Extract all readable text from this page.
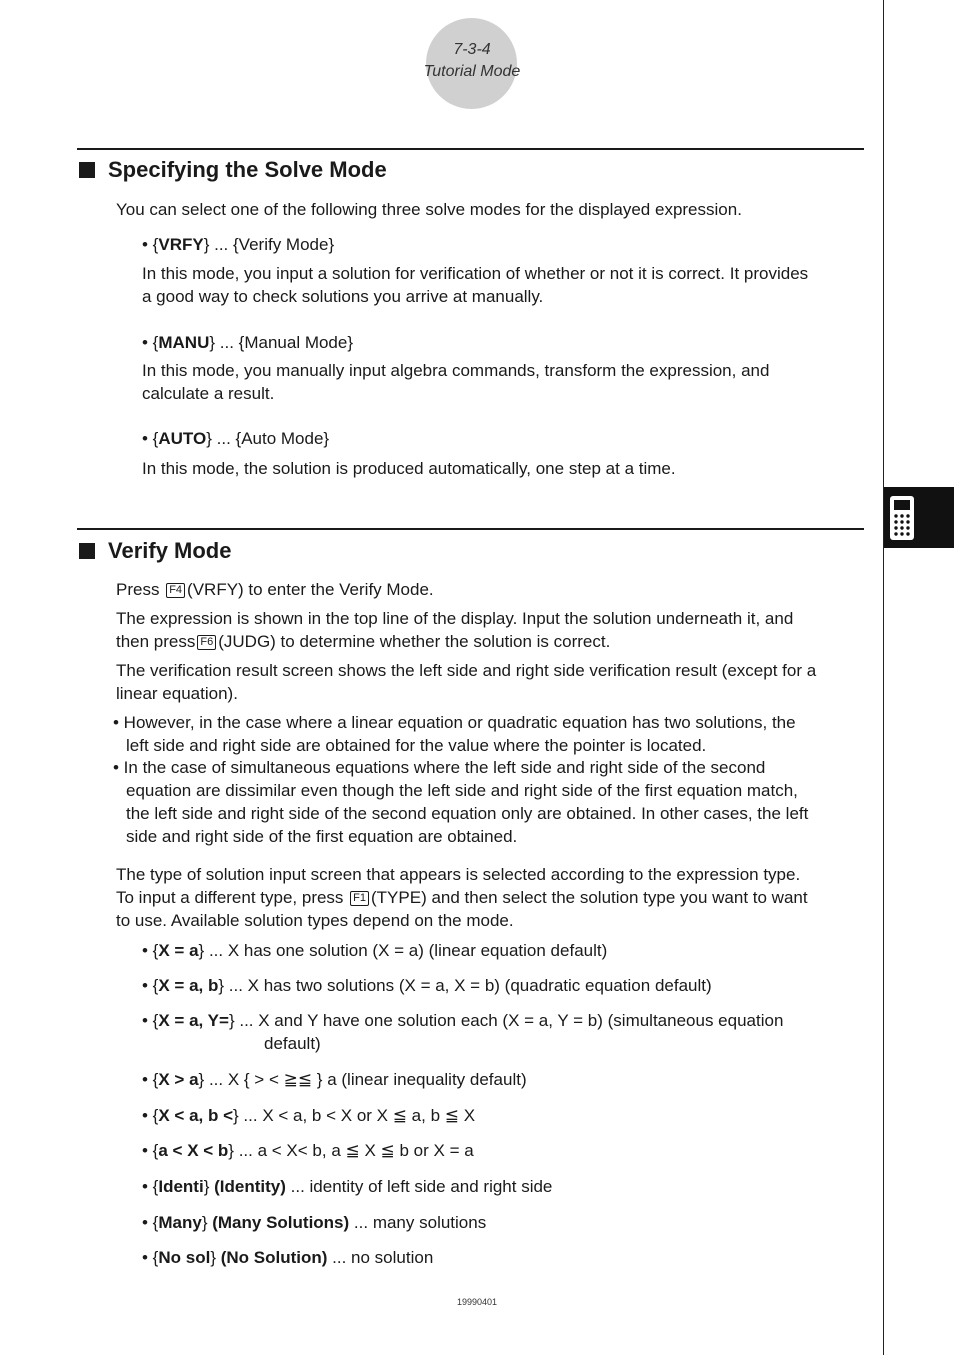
7-3-4
Tutorial Mode
Specifying the Solve Mode
You can select one of the following three solve modes for the displayed expression.
• {VRFY} ... {Verify Mode}
In this mode, you input a solution for verification of whether or not it is correct. It provides
a good way to check solutions you arrive at manually.
• {MANU} ... {Manual Mode}
In this mode, you manually input algebra commands, transform the expression, and
calculate a result.
• {AUTO} ... {Auto Mode}
In this mode, the solution is produced automatically, one step at a time.
Verify Mode
Press F4 (VRFY) to enter the Verify Mode.
The expression is shown in the top line of the display. Input the solution underneath it, and
then press F6 (JUDG) to determine whether the solution is correct.
The verification result screen shows the left side and right side verification result (except for a
linear equation).
• However, in the case where a linear equation or quadratic equation has two solutions, the
left side and right side are obtained for the value where the pointer is located.
• In the case of simultaneous equations where the left side and right side of the second
equation are dissimilar even though the left side and right side of the first equation match,
the left side and right side of the second equation only are obtained. In other cases, the left
side and right side of the first equation are obtained.
The type of solution input screen that appears is selected according to the expression type.
To input a different type, press F1 (TYPE) and then select the solution type you want to want
to use. Available solution types depend on the mode.
• {X = a} ... X has one solution (X = a) (linear equation default)
• {X = a, b} ... X has two solutions (X = a, X = b) (quadratic equation default)
• {X = a, Y=} ... X and Y have one solution each (X = a, Y = b) (simultaneous equation
default)
• {X > a} ... X { > < ≧≦ } a (linear inequality default)
• {X < a, b <} ... X < a, b < X or X ≦ a, b ≦ X
• {a < X < b} ... a < X< b, a ≦ X ≦ b or X = a
• {Identi} (Identity) ... identity of left side and right side
• {Many} (Many Solutions) ... many solutions
• {No sol} (No Solution) ... no solution
19990401
